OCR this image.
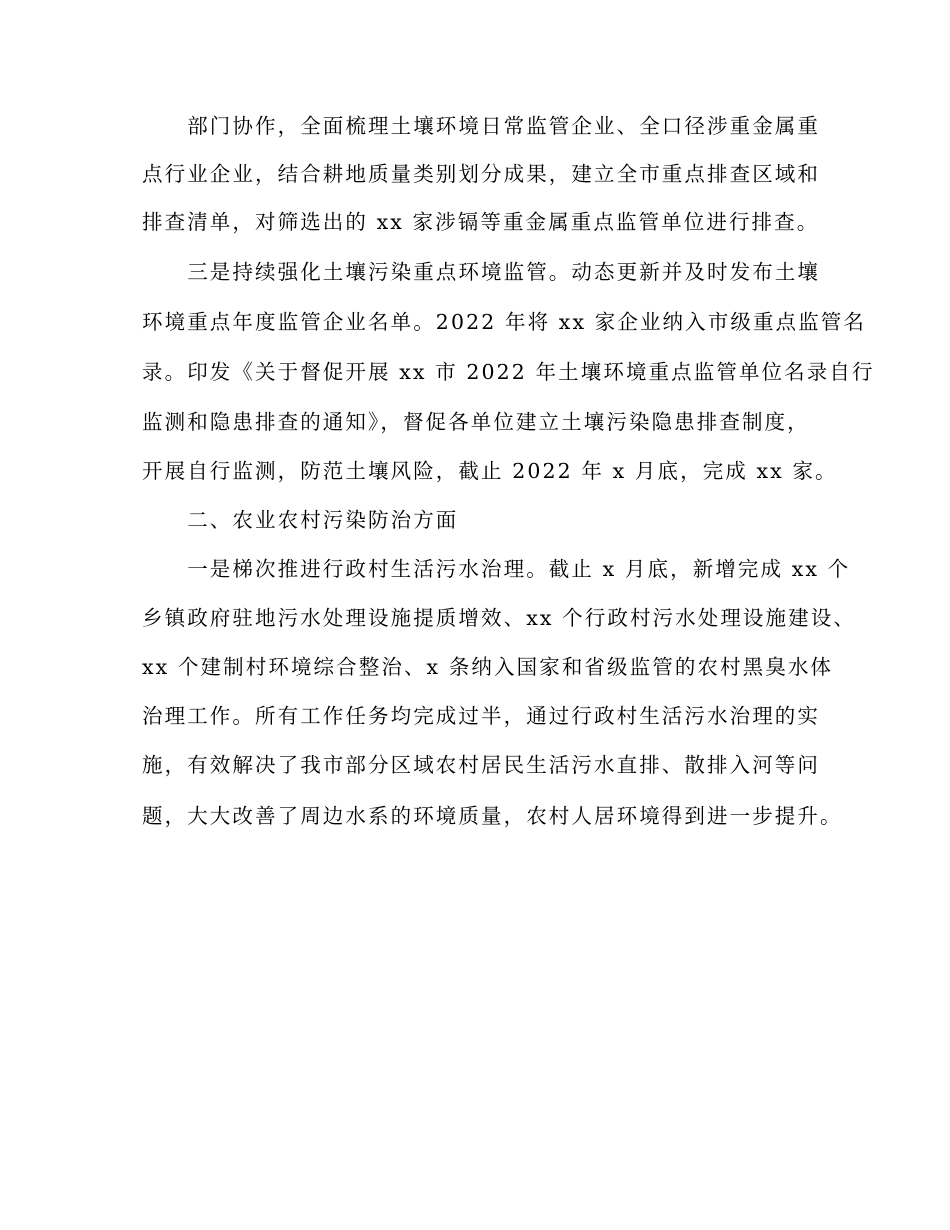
　　部门协作，全面梳理土壤环境日常监管企业、全口径涉重金属重
点行业企业，结合耕地质量类别划分成果，建立全市重点排查区域和
排查清单，对筛选出的 xx 家涉镉等重金属重点监管单位进行排查。
　　三是持续强化土壤污染重点环境监管。动态更新并及时发布土壤
环境重点年度监管企业名单。2022 年将 xx 家企业纳入市级重点监管名
录。印发《关于督促开展 xx 市 2022 年土壤环境重点监管单位名录自行
监测和隐患排查的通知》，督促各单位建立土壤污染隐患排查制度，
开展自行监测，防范土壤风险，截止 2022 年 x 月底，完成 xx 家。
　　二、农业农村污染防治方面
　　一是梯次推进行政村生活污水治理。截止 x 月底，新增完成 xx 个
乡镇政府驻地污水处理设施提质增效、xx 个行政村污水处理设施建设、
xx 个建制村环境综合整治、x 条纳入国家和省级监管的农村黑臭水体
治理工作。所有工作任务均完成过半，通过行政村生活污水治理的实
施，有效解决了我市部分区域农村居民生活污水直排、散排入河等问
题，大大改善了周边水系的环境质量，农村人居环境得到进一步提升。
